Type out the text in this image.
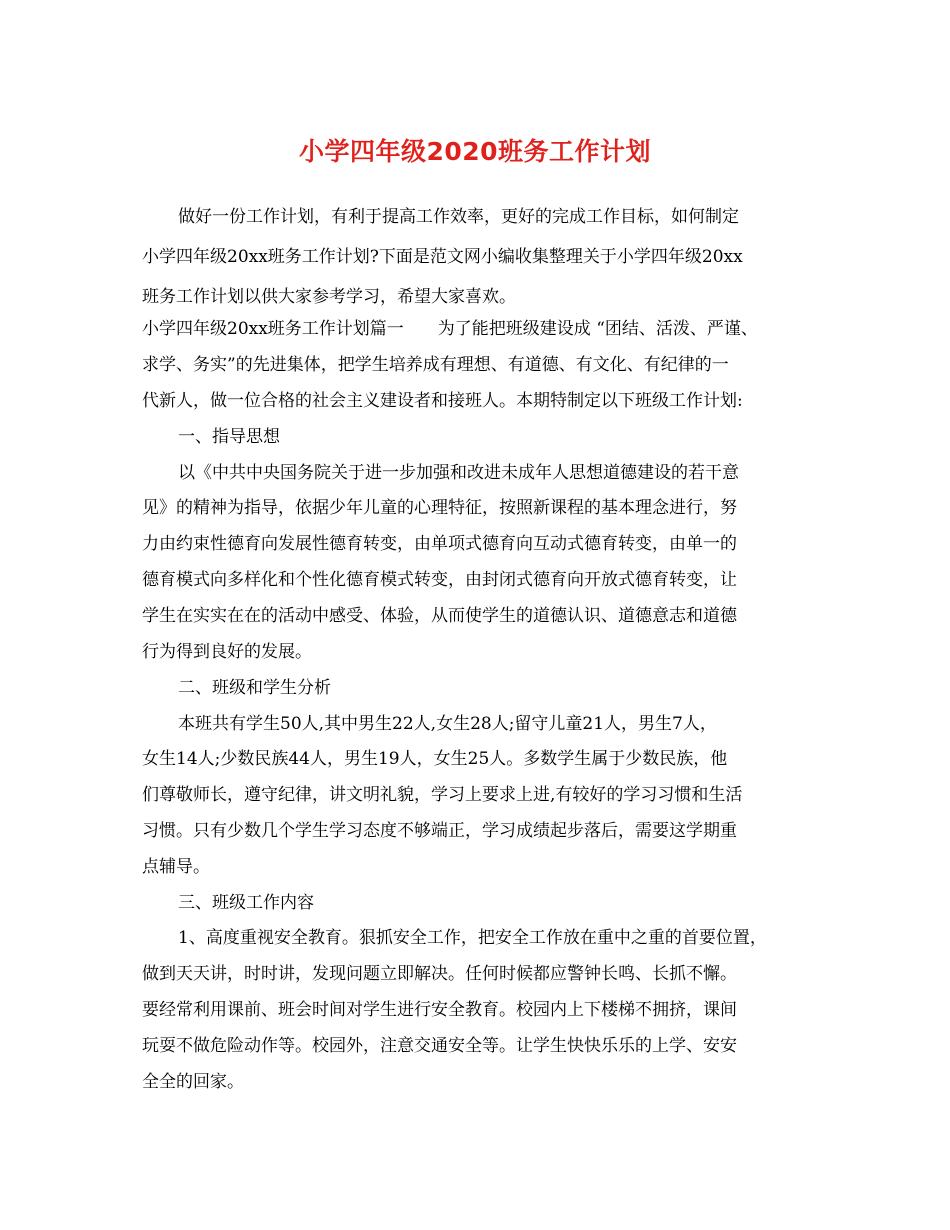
小学四年级2020班务工作计划
做好一份工作计划，有利于提高工作效率，更好的完成工作目标，如何制定
小学四年级20xx班务工作计划?下面是范文网小编收集整理关于小学四年级20xx
班务工作计划以供大家参考学习，希望大家喜欢。
小学四年级20xx班务工作计划篇一　　为了能把班级建设成 “团结、活泼、严谨、
求学、务实”的先进集体，把学生培养成有理想、有道德、有文化、有纪律的一
代新人，做一位合格的社会主义建设者和接班人。本期特制定以下班级工作计划:
一、指导思想
以《中共中央国务院关于进一步加强和改进未成年人思想道德建设的若干意
见》的精神为指导，依据少年儿童的心理特征，按照新课程的基本理念进行，努
力由约束性德育向发展性德育转变，由单项式德育向互动式德育转变，由单一的
德育模式向多样化和个性化德育模式转变，由封闭式德育向开放式德育转变，让
学生在实实在在的活动中感受、体验，从而使学生的道德认识、道德意志和道德
行为得到良好的发展。
二、班级和学生分析
本班共有学生50人,其中男生22人,女生28人;留守儿童21人，男生7人，
女生14人;少数民族44人，男生19人，女生25人。多数学生属于少数民族，他
们尊敬师长，遵守纪律，讲文明礼貌，学习上要求上进,有较好的学习习惯和生活
习惯。只有少数几个学生学习态度不够端正，学习成绩起步落后，需要这学期重
点辅导。
三、班级工作内容
1、高度重视安全教育。狠抓安全工作，把安全工作放在重中之重的首要位置，
做到天天讲，时时讲，发现问题立即解决。任何时候都应警钟长鸣、长抓不懈。
要经常利用课前、班会时间对学生进行安全教育。校园内上下楼梯不拥挤，课间
玩耍不做危险动作等。校园外，注意交通安全等。让学生快快乐乐的上学、安安
全全的回家。
